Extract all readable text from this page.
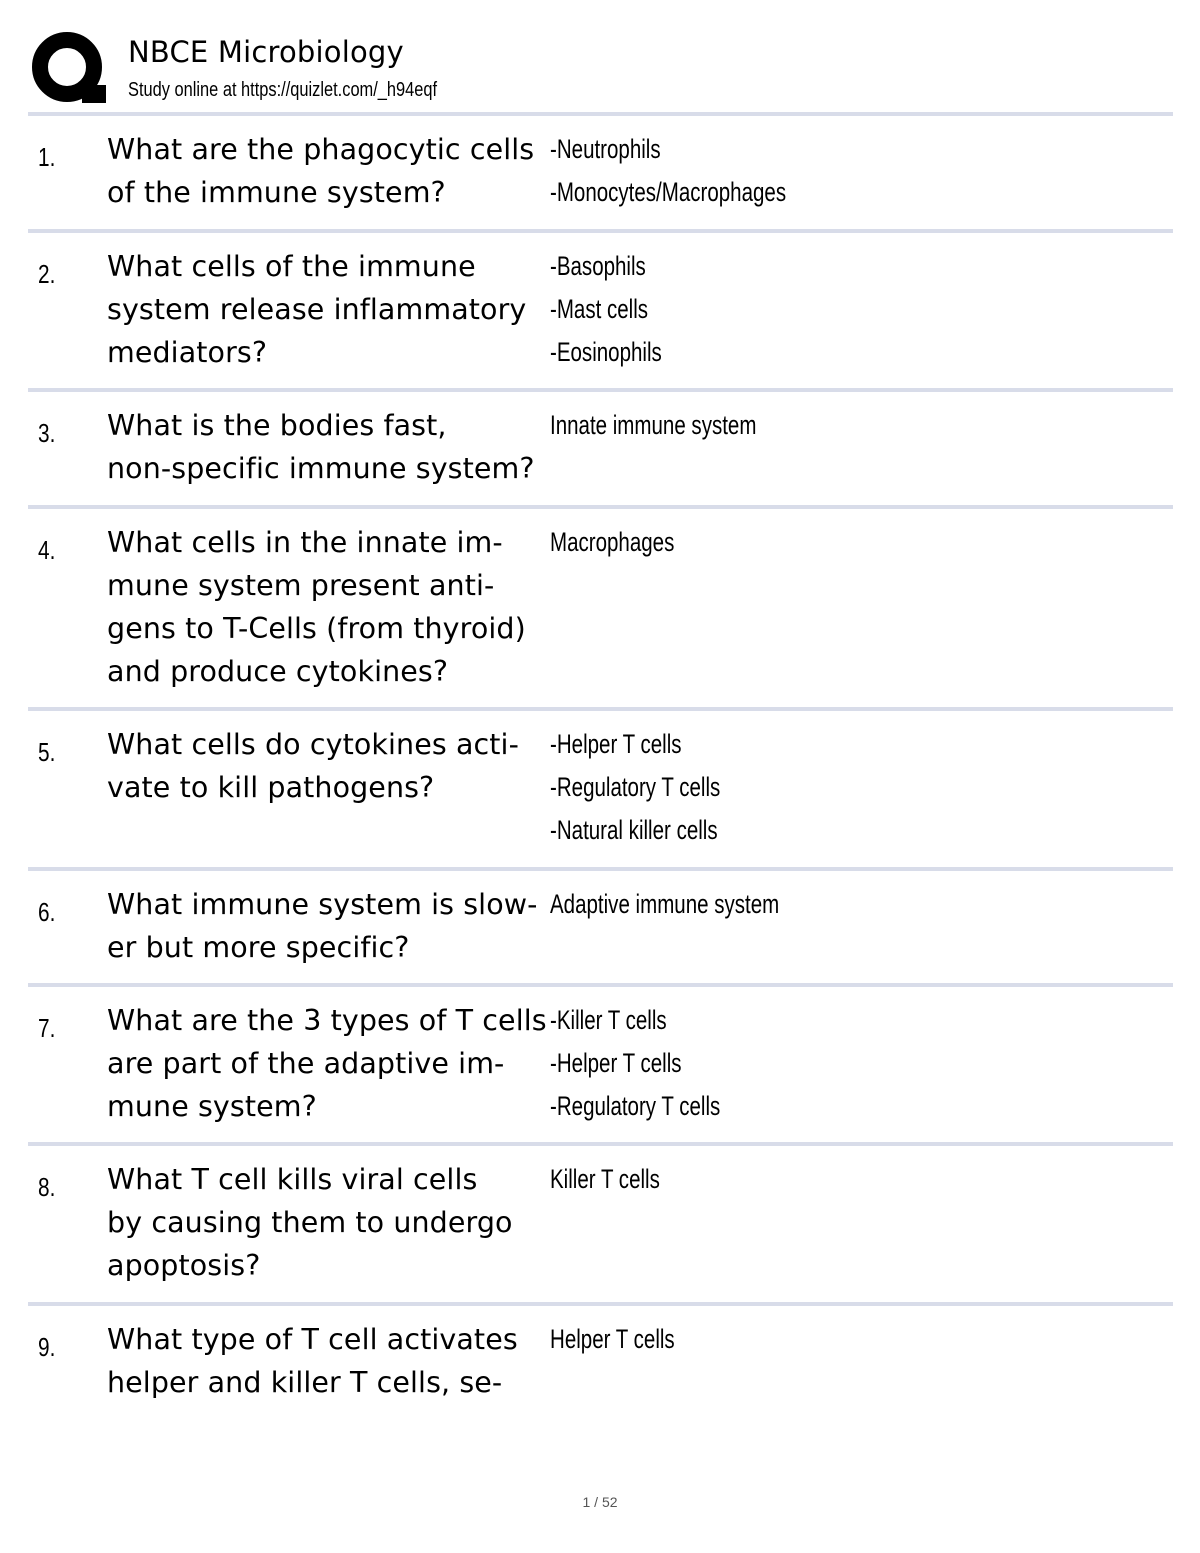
NBCE Microbiology
Study online at https://quizlet.com/_h94eqf
1. What are the phagocytic cells
of the immune system?
-Neutrophils
-Monocytes/Macrophages
2. What cells of the immune
system release inflammatory
mediators?
-Basophils
-Mast cells
-Eosinophils
3. What is the bodies fast,
non-specific immune system?
Innate immune system
4. What cells in the innate im-
mune system present anti-
gens to T-Cells (from thyroid)
and produce cytokines?
Macrophages
5. What cells do cytokines acti-
vate to kill pathogens?
-Helper T cells
-Regulatory T cells
-Natural killer cells
6. What immune system is slow-
er but more specific?
Adaptive immune system
7. What are the 3 types of T cells
are part of the adaptive im-
mune system?
-Killer T cells
-Helper T cells
-Regulatory T cells
8. What T cell kills viral cells
by causing them to undergo
apoptosis?
Killer T cells
9. What type of T cell activates
helper and killer T cells, se-
Helper T cells
1 / 52
